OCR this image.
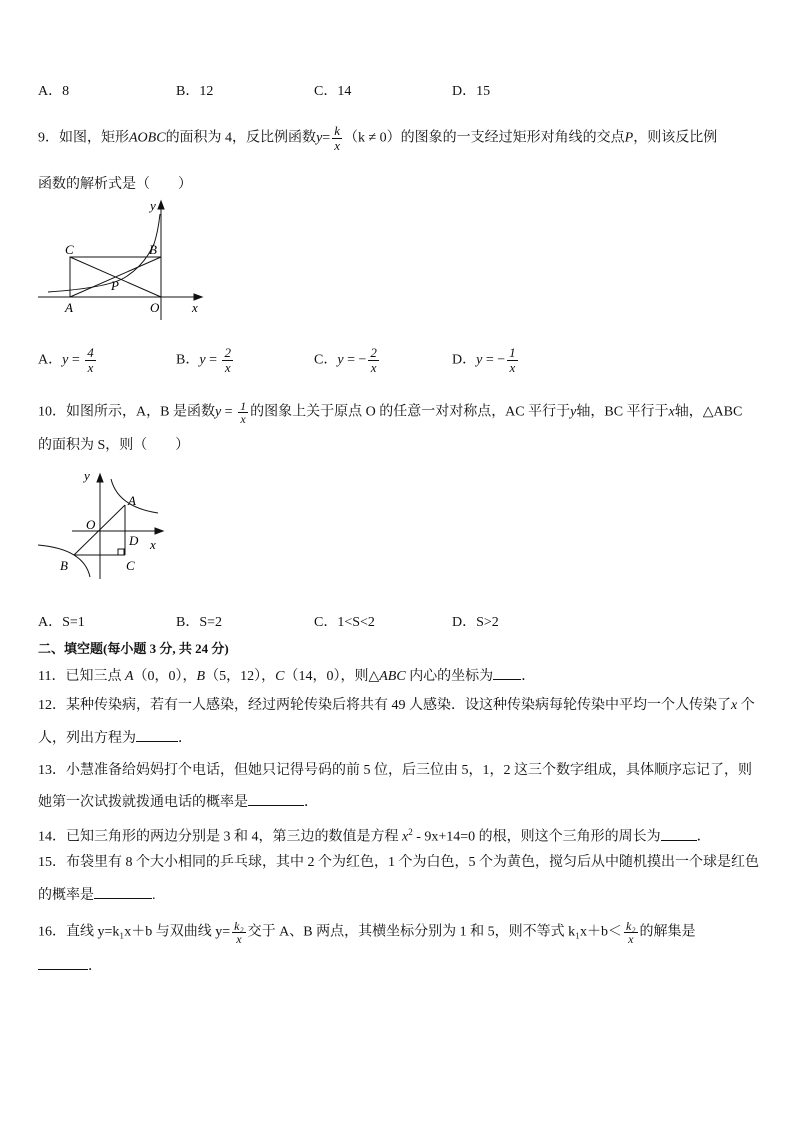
A．8	B．12	C．14	D．15
9．如图，矩形AOBC的面积为 4，反比例函数$y= \frac{k}{x} (k \ne 0)$的图象的一支经过矩形对角线的交点P，则该反比例
函数的解析式是（　　）
C	B
P
A	O
y
x
A．$y = \frac{4}{x}$	B．$y = \frac{2}{x}$	C．y = − $\frac{2}{x}$	D．y = − $\frac{1}{x}$
10．如图所示，A，B 是函数$y = \frac{1}{x}$ 的图象上关于原点 O 的任意一对对称点，AC 平行于y轴，BC 平行于x轴，△ABC
的面积为 S，则（　　）
A
O
D
B	C
y
x
A．S=1	B．S=2	C．1<S<2	D．S>2
二、填空题(每小题 3 分, 共 24 分)
11．已知三点 A（0，0），B（5，12），C（14，0），则△ABC 内心的坐标为 ．
12．某种传染病，若有一人感染，经过两轮传染后将共有 49 人感染．设这种传染病每轮传染中平均一个人传染了x 个
人，列出方程为	．
13．小慧准备给妈妈打个电话，但她只记得号码的前 5 位，后三位由 5，1，2 这三个数字组成，具体顺序忘记了，则
她第一次试拨就拨通电话的概率是	．
14．已知三角形的两边分别是 3 和 4，第三边的数值是方程 $x^2 - 9x+14=0$ 的根，则这个三角形的周长为	．
15．布袋里有 8 个大小相同的乒乓球，其中 2 个为红色，1 个为白色，5 个为黄色，搅匀后从中随机摸出一个球是红色
的概率是	.
16．直线 y=k₁x＋b 与双曲线 $y= \frac{\text{k₂}}{x}$ 交于 A、B 两点，其横坐标分别为 1 和 5，则不等式 $k_1x+b< \frac{\text{k₂}}{x}$ 的解集是
．
